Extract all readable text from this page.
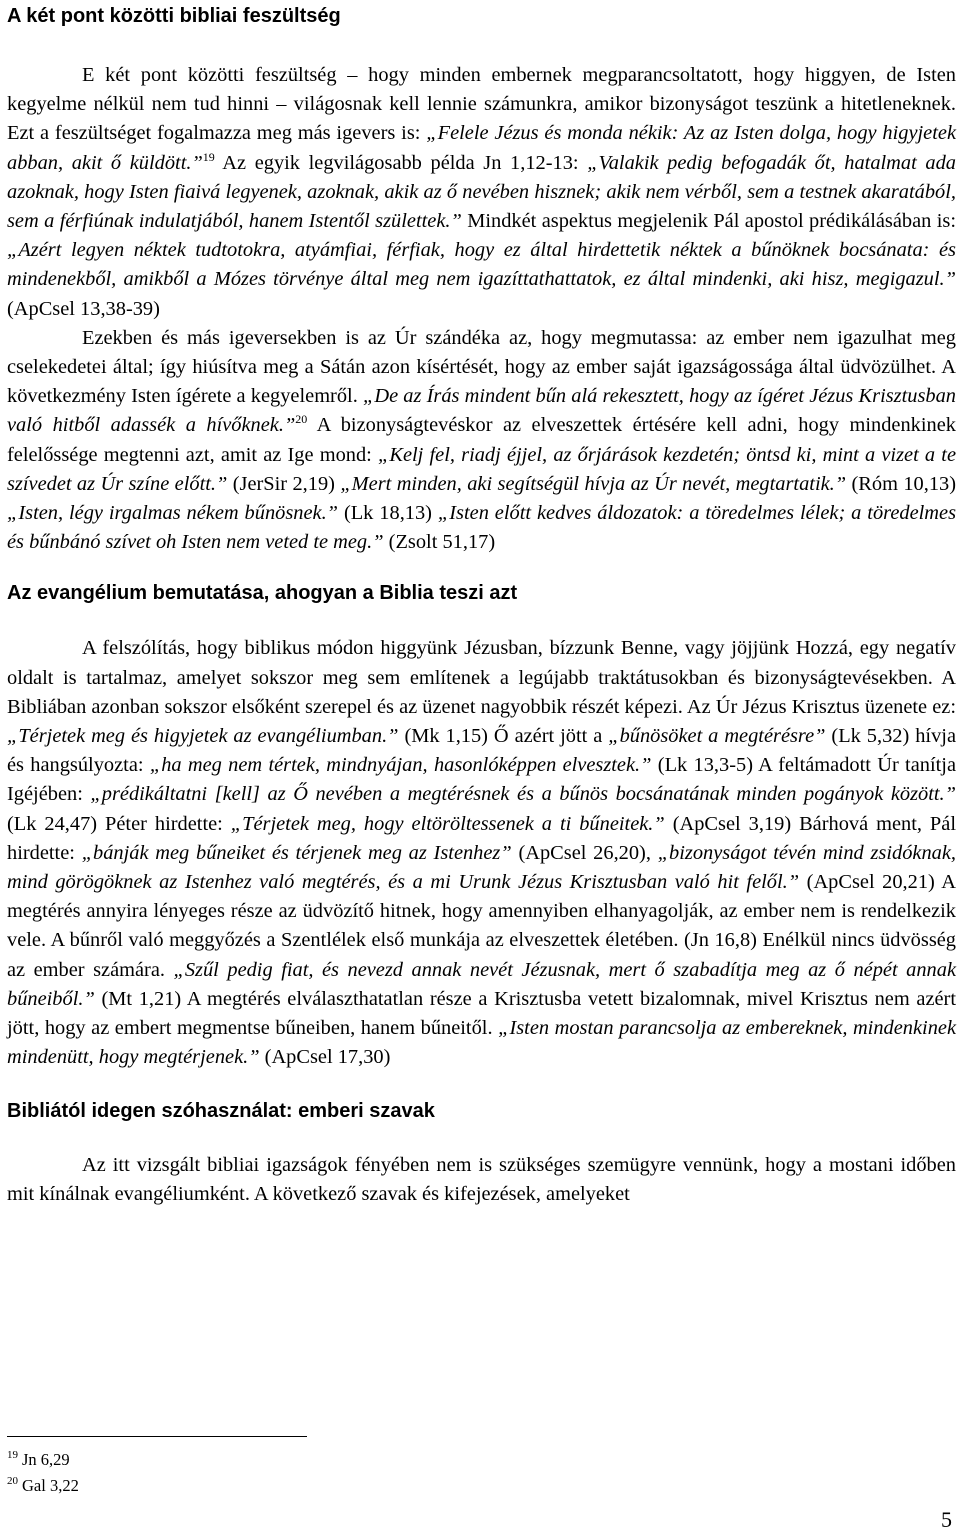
A két pont közötti bibliai feszültség

E két pont közötti feszültség – hogy minden embernek megparancsoltatott, hogy higgyen, de Isten kegyelme nélkül nem tud hinni – világosnak kell lennie számunkra, amikor bizonyságot teszünk a hitetleneknek. Ezt a feszültséget fogalmazza meg más igevers is: „Felele Jézus és monda nékik: Az az Isten dolga, hogy higyjetek abban, akit ő küldött.”$^{19}$ Az egyik legvilágosabb példa Jn 1,12-13: „Valakik pedig befogadák őt, hatalmat ada azoknak, hogy Isten fiaivá legyenek, azoknak, akik az ő nevében hisznek; akik nem vérből, sem a testnek akaratából, sem a férfiúnak indulatjából, hanem Istentől születtek.” Mindkét aspektus megjelenik Pál apostol prédikálásában is: „Azért legyen néktek tudtotokra, atyámfiai, férfiak, hogy ez által hirdettetik néktek a bűnöknek bocsánata: és mindenekből, amikből a Mózes törvénye által meg nem igazíttathattatok, ez által mindenki, aki hisz, megigazul.” (ApCsel 13,38-39)

Ezekben és más igeversekben is az Úr szándéka az, hogy megmutassa: az ember nem igazulhat meg cselekedetei által; így hiúsítva meg a Sátán azon kísértését, hogy az ember saját igazságossága által üdvözülhet. A következmény Isten ígérete a kegyelemről. „De az Írás mindent bűn alá rekesztett, hogy az ígéret Jézus Krisztusban való hitből adassék a hívőknek.”$^{20}$ A bizonyságtevéskor az elveszettek értésére kell adni, hogy mindenkinek felelőssége megtenni azt, amit az Ige mond: „Kelj fel, riadj éjjel, az őrjárások kezdetén; öntsd ki, mint a vizet a te szívedet az Úr színe előtt.” (JerSir 2,19) „Mert minden, aki segítségül hívja az Úr nevét, megtartatik.” (Róm 10,13) „Isten, légy irgalmas nékem bűnösnek.” (Lk 18,13) „Isten előtt kedves áldozatok: a töredelmes lélek; a töredelmes és bűnbánó szívet oh Isten nem veted te meg.” (Zsolt 51,17)

Az evangélium bemutatása, ahogyan a Biblia teszi azt

A felszólítás, hogy biblikus módon higgyünk Jézusban, bízzunk Benne, vagy jöjjünk Hozzá, egy negatív oldalt is tartalmaz, amelyet sokszor meg sem említenek a legújabb traktátusokban és bizonyságtevésekben. A Bibliában azonban sokszor elsőként szerepel és az üzenet nagyobbik részét képezi. Az Úr Jézus Krisztus üzenete ez: „Térjetek meg és higyjetek az evangéliumban.” (Mk 1,15) Ő azért jött a „bűnösöket a megtérésre” (Lk 5,32) hívja és hangsúlyozta: „ha meg nem tértek, mindnyájan, hasonlóképpen elvesztek.” (Lk 13,3-5) A feltámadott Úr tanítja Igéjében: „prédikáltatni [kell] az Ő nevében a megtérésnek és a bűnös bocsánatának minden pogányok között.” (Lk 24,47) Péter hirdette: „Térjetek meg, hogy eltöröltessenek a ti bűneitek.” (ApCsel 3,19) Bárhová ment, Pál hirdette: „bánják meg bűneiket és térjenek meg az Istenhez” (ApCsel 26,20), „bizonyságot tévén mind zsidóknak, mind görögöknek az Istenhez való megtérés, és a mi Urunk Jézus Krisztusban való hit felől.” (ApCsel 20,21) A megtérés annyira lényeges része az üdvözítő hitnek, hogy amennyiben elhanyagolják, az ember nem is rendelkezik vele. A bűnről való meggyőzés a Szentlélek első munkája az elveszettek életében. (Jn 16,8) Enélkül nincs üdvösség az ember számára. „Szűl pedig fiat, és nevezd annak nevét Jézusnak, mert ő szabadítja meg az ő népét annak bűneiből.” (Mt 1,21) A megtérés elválaszthatatlan része a Krisztusba vetett bizalomnak, mivel Krisztus nem azért jött, hogy az embert megmentse bűneiben, hanem bűneitől. „Isten mostan parancsolja az embereknek, mindenkinek mindenütt, hogy megtérjenek.” (ApCsel 17,30)

Bibliától idegen szóhasználat: emberi szavak

Az itt vizsgált bibliai igazságok fényében nem is szükséges szemügyre vennünk, hogy a mostani időben mit kínálnak evangéliumként. A következő szavak és kifejezések, amelyeket

$^{19}$ Jn 6,29
$^{20}$ Gal 3,22
5
